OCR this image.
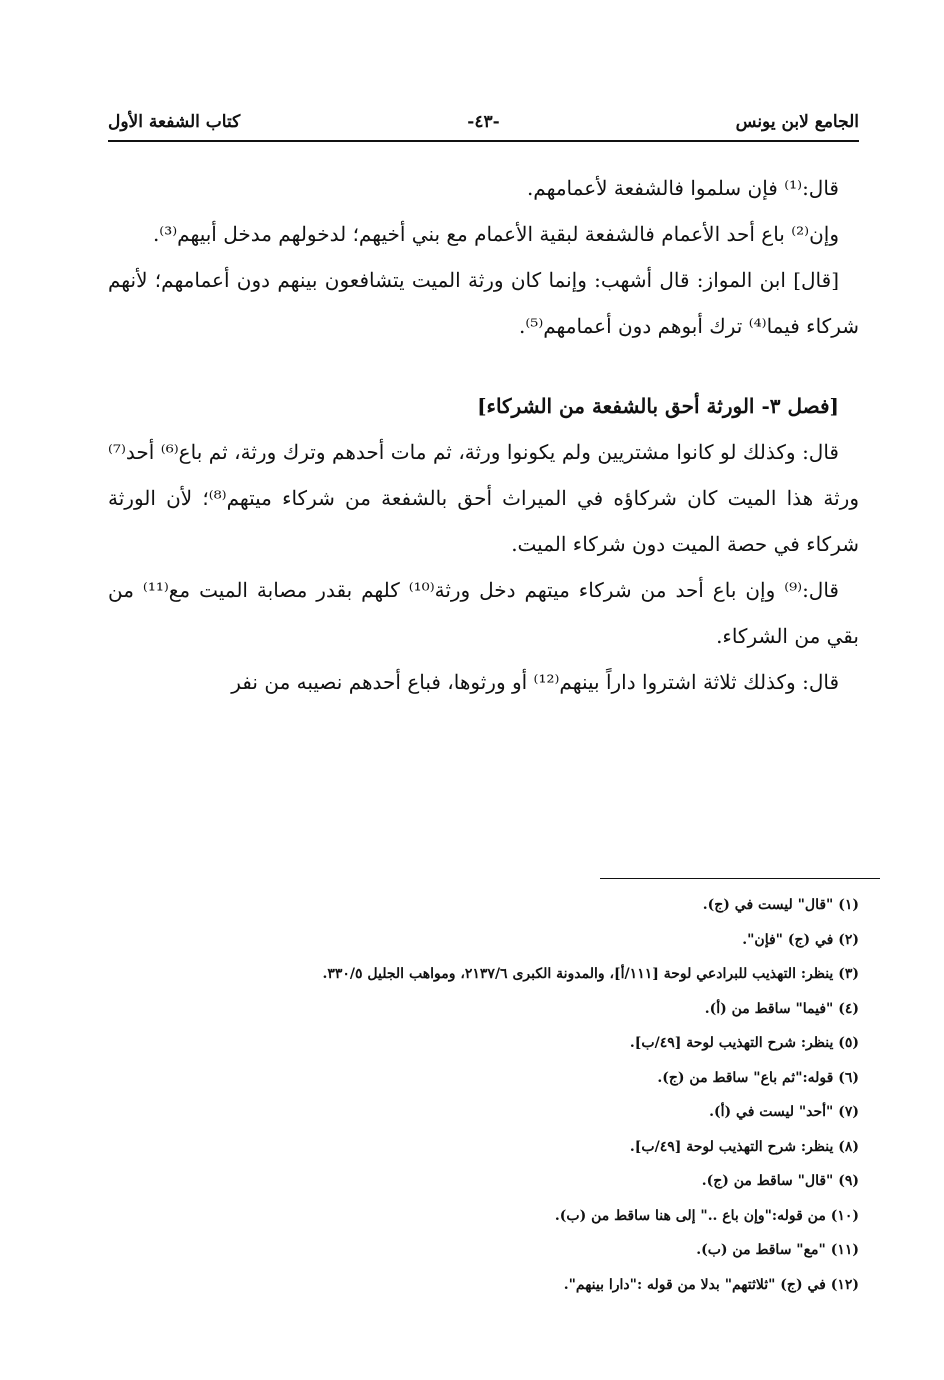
الجامع لابن يونس
-٤٣-
كتاب الشفعة الأول

قال:⁽¹⁾ فإن سلموا فالشفعة لأعمامهم.

وإن⁽²⁾ باع أحد الأعمام فالشفعة لبقية الأعمام مع بني أخيهم؛ لدخولهم مدخل أبيهم⁽³⁾.

[قال] ابن المواز: قال أشهب: وإنما كان ورثة الميت يتشافعون بينهم دون أعمامهم؛ لأنهم شركاء فيما⁽⁴⁾ ترك أبوهم دون أعمامهم⁽⁵⁾.

[فصل ٣- الورثة أحق بالشفعة من الشركاء]

قال: وكذلك لو كانوا مشتريين ولم يكونوا ورثة، ثم مات أحدهم وترك ورثة، ثم باع⁽⁶⁾ أحد⁽⁷⁾ ورثة هذا الميت كان شركاؤه في الميراث أحق بالشفعة من شركاء ميتهم⁽⁸⁾؛ لأن الورثة شركاء في حصة الميت دون شركاء الميت.

قال:⁽⁹⁾ وإن باع أحد من شركاء ميتهم دخل ورثة⁽¹⁰⁾ كلهم بقدر مصابة الميت مع⁽¹¹⁾ من بقي من الشركاء.

قال: وكذلك ثلاثة اشتروا داراً بينهم⁽¹²⁾ أو ورثوها، فباع أحدهم نصيبه من نفر

(١) "قال" ليست في (ج).
(٢) في (ج) "فإن".
(٣) ينظر: التهذيب للبرادعي لوحة [١١١/أ]، والمدونة الكبرى ٢١٣٧/٦، ومواهب الجليل ٣٣٠/٥.
(٤) "فيما" ساقط من (أ).
(٥) ينظر: شرح التهذيب لوحة [٤٩/ب].
(٦) قوله:"ثم باع" ساقط من (ج).
(٧) "أحد" ليست في (أ).
(٨) ينظر: شرح التهذيب لوحة [٤٩/ب].
(٩) "قال" ساقط من (ج).
(١٠) من قوله:"وإن باع .." إلى هنا ساقط من (ب).
(١١) "مع" ساقط من (ب).
(١٢) في (ج) "ثلاثتهم" بدلا من قوله :"دارا بينهم".
